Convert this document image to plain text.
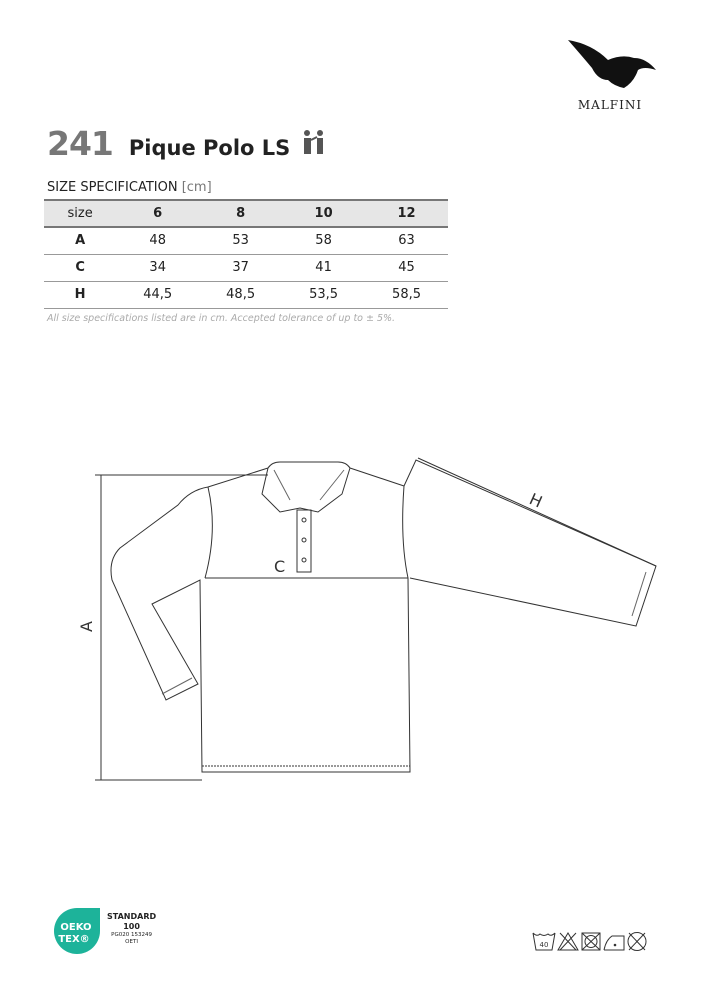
MALFINI
241 Pique Polo LS
SIZE SPECIFICATION [cm]
size	6	8	10	12
A	48	53	58	63
C	34	37	41	45
H	44,5	48,5	53,5	58,5
All size specifications listed are in cm. Accepted tolerance of up to ± 5%.
A
C
H
OEKO
TEX®
STANDARD
100
PG020 153249
OETI	40
